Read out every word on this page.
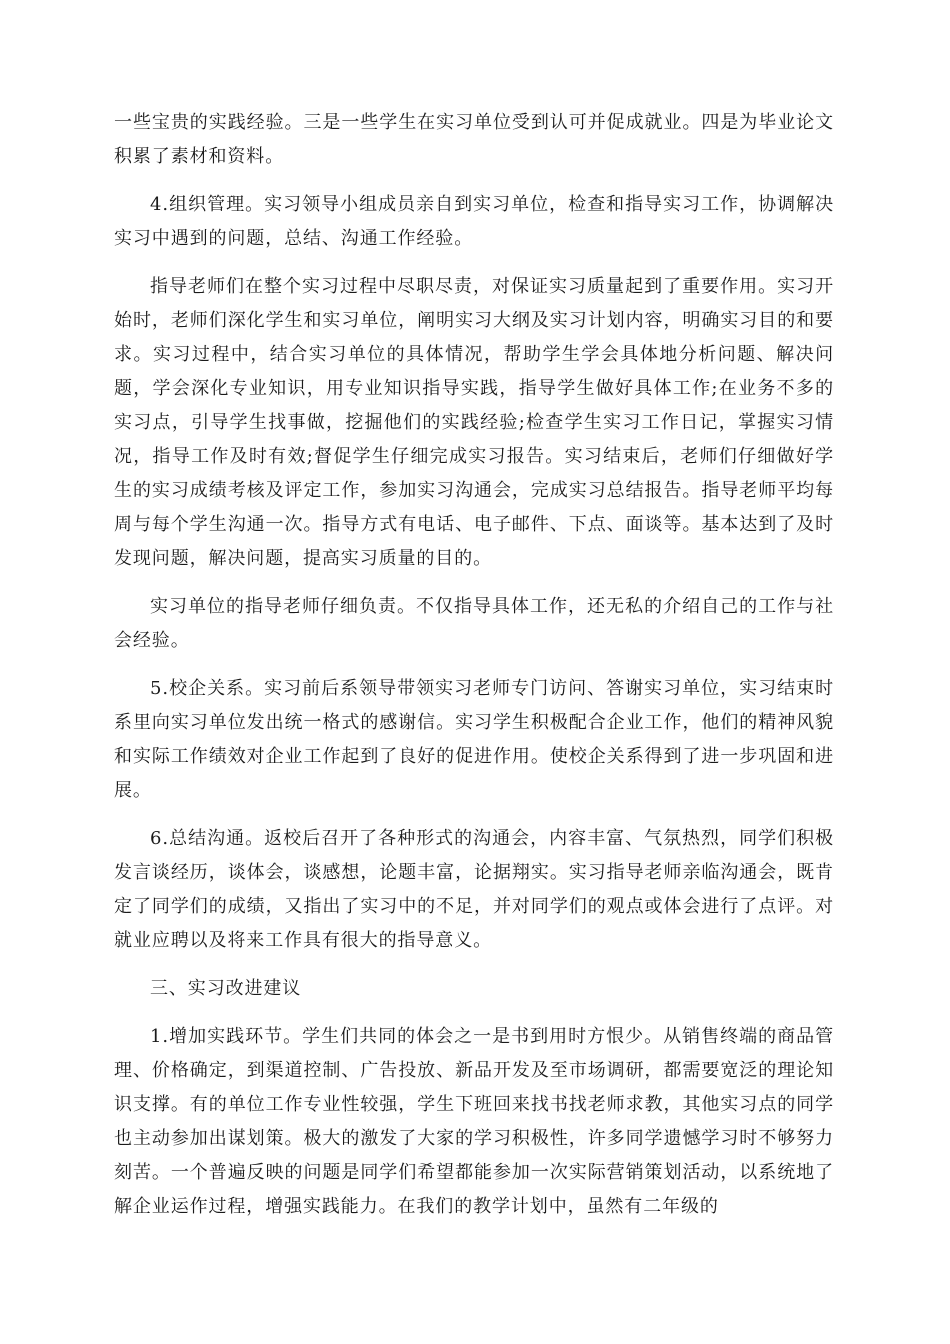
一些宝贵的实践经验。三是一些学生在实习单位受到认可并促成就业。四是为毕业论文积累了素材和资料。

4.组织管理。实习领导小组成员亲自到实习单位，检查和指导实习工作，协调解决实习中遇到的问题，总结、沟通工作经验。

指导老师们在整个实习过程中尽职尽责，对保证实习质量起到了重要作用。实习开始时，老师们深化学生和实习单位，阐明实习大纲及实习计划内容，明确实习目的和要求。实习过程中，结合实习单位的具体情况，帮助学生学会具体地分析问题、解决问题，学会深化专业知识，用专业知识指导实践，指导学生做好具体工作;在业务不多的实习点，引导学生找事做，挖掘他们的实践经验;检查学生实习工作日记，掌握实习情况，指导工作及时有效;督促学生仔细完成实习报告。实习结束后，老师们仔细做好学生的实习成绩考核及评定工作，参加实习沟通会，完成实习总结报告。指导老师平均每周与每个学生沟通一次。指导方式有电话、电子邮件、下点、面谈等。基本达到了及时发现问题，解决问题，提高实习质量的目的。

实习单位的指导老师仔细负责。不仅指导具体工作，还无私的介绍自己的工作与社会经验。

5.校企关系。实习前后系领导带领实习老师专门访问、答谢实习单位，实习结束时系里向实习单位发出统一格式的感谢信。实习学生积极配合企业工作，他们的精神风貌和实际工作绩效对企业工作起到了良好的促进作用。使校企关系得到了进一步巩固和进展。

6.总结沟通。返校后召开了各种形式的沟通会，内容丰富、气氛热烈，同学们积极发言谈经历，谈体会，谈感想，论题丰富，论据翔实。实习指导老师亲临沟通会，既肯定了同学们的成绩，又指出了实习中的不足，并对同学们的观点或体会进行了点评。对就业应聘以及将来工作具有很大的指导意义。

三、实习改进建议

1.增加实践环节。学生们共同的体会之一是书到用时方恨少。从销售终端的商品管理、价格确定，到渠道控制、广告投放、新品开发及至市场调研，都需要宽泛的理论知识支撑。有的单位工作专业性较强，学生下班回来找书找老师求教，其他实习点的同学也主动参加出谋划策。极大的激发了大家的学习积极性，许多同学遗憾学习时不够努力刻苦。一个普遍反映的问题是同学们希望都能参加一次实际营销策划活动，以系统地了解企业运作过程，增强实践能力。在我们的教学计划中，虽然有二年级的
